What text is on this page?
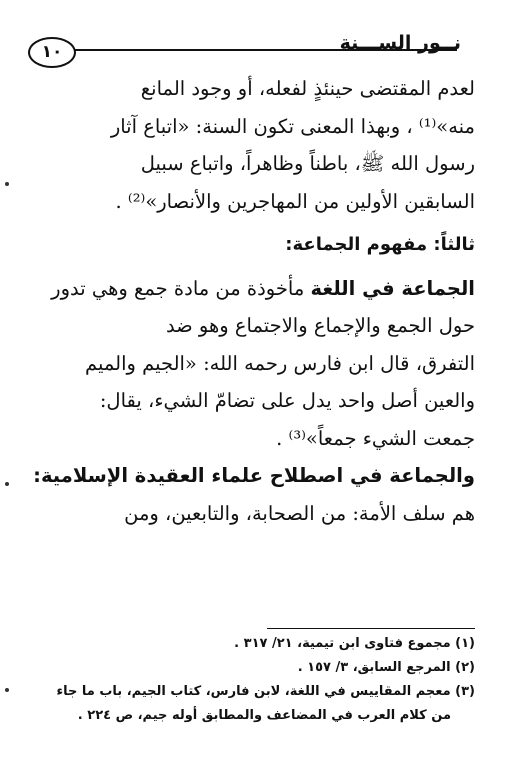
نــور الســـنة
١٠
لعدم المقتضى حينئذٍ لفعله، أو وجود المانع
منه»⁽¹⁾ ، وبهذا المعنى تكون السنة: «اتباع آثار
رسول الله ﷺ، باطناً وظاهراً، واتباع سبيل
السابقين الأولين من المهاجرين والأنصار»⁽²⁾ .
ثالثاً: مفهوم الجماعة:
الجماعة في اللغة مأخوذة من مادة جمع وهي تدور
حول الجمع والإجماع والاجتماع وهو ضد
التفرق، قال ابن فارس رحمه الله: «الجيم والميم
والعين أصل واحد يدل على تضامّ الشيء، يقال:
جمعت الشيء جمعاً»⁽³⁾ .
والجماعة في اصطلاح علماء العقيدة الإسلامية:
هم سلف الأمة: من الصحابة، والتابعين، ومن
(١) مجموع فتاوى ابن تيمية، ٢١/ ٣١٧ .
(٢) المرجع السابق، ٣/ ١٥٧ .
(٣) معجم المقاييس في اللغة، لابن فارس، كتاب الجيم، باب ما جاء
من كلام العرب في المضاعف والمطابق أوله جيم، ص ٢٢٤ .
